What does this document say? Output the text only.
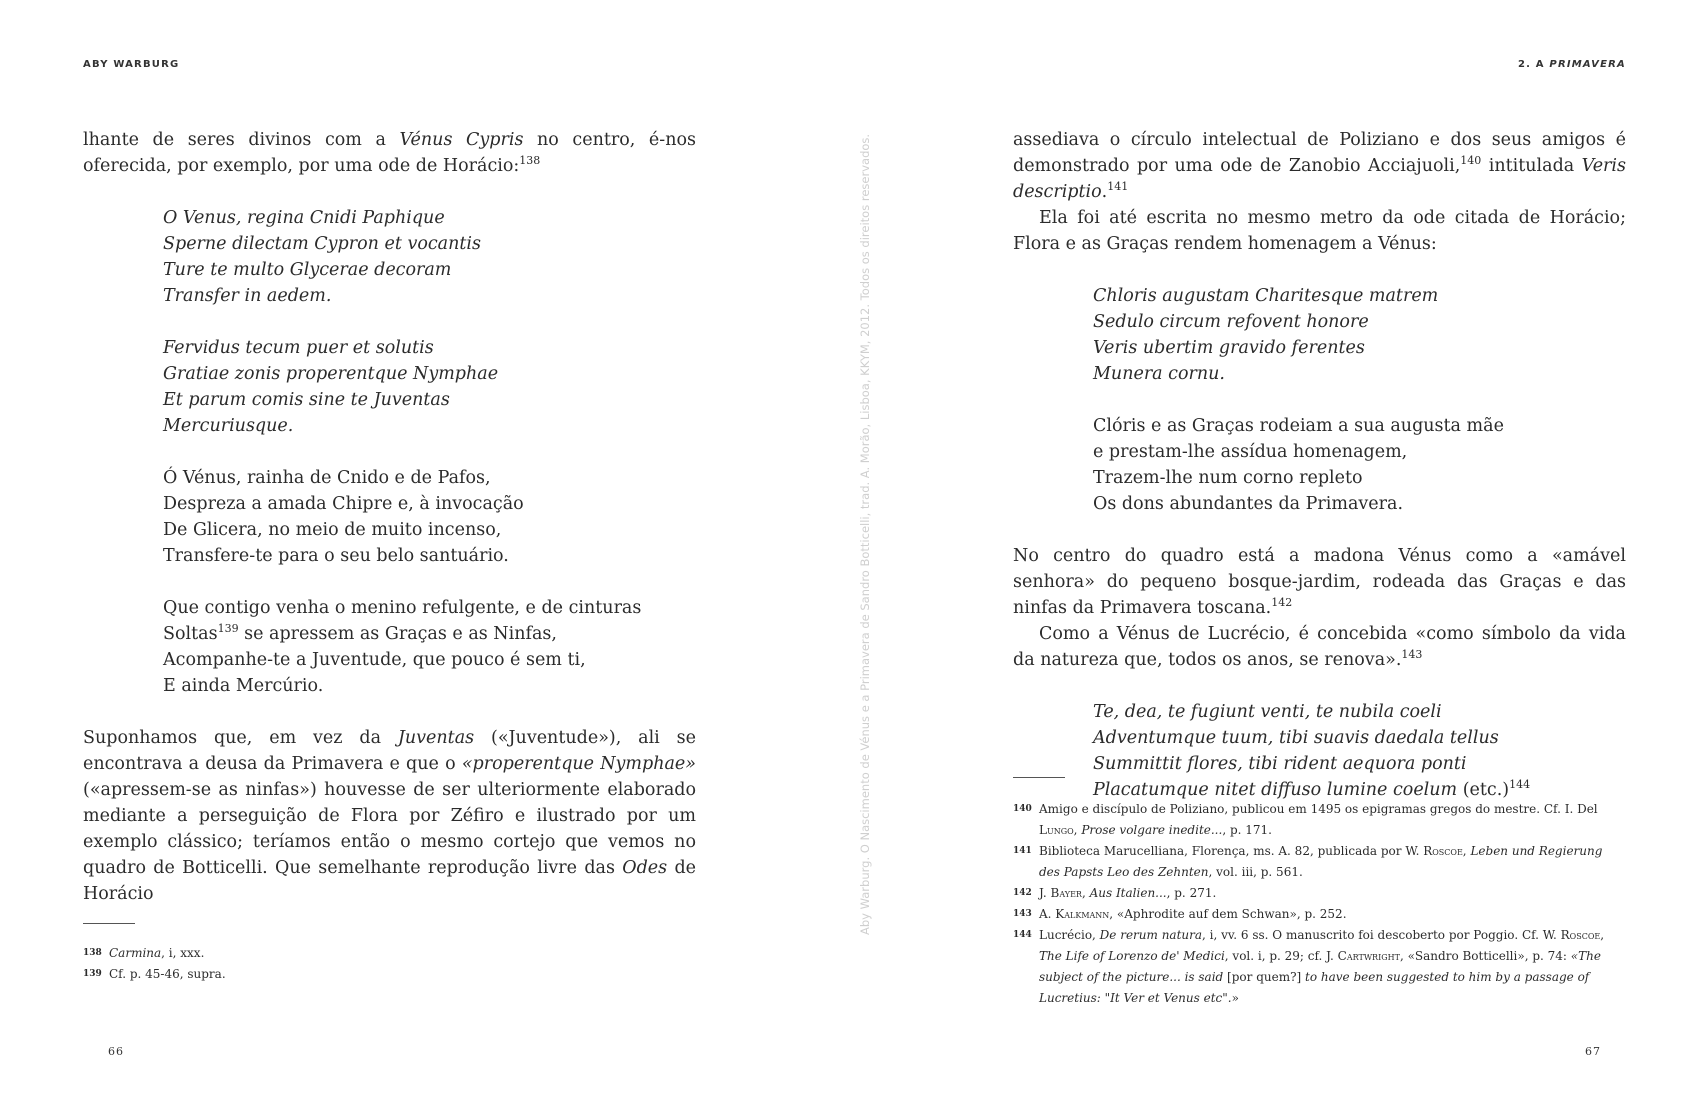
ABY WARBURG

lhante de seres divinos com a Vénus Cypris no centro, é-nos oferecida, por exemplo, por uma ode de Horácio:$^{138}$

O Venus, regina Cnidi Paphique
Sperne dilectam Cypron et vocantis
Ture te multo Glycerae decoram
Transfer in aedem.
Fervidus tecum puer et solutis
Gratiae zonis properentque Nymphae
Et parum comis sine te Juventas
Mercuriusque.
Ó Vénus, rainha de Cnido e de Pafos,
Despreza a amada Chipre e, à invocação
De Glicera, no meio de muito incenso,
Transfere-te para o seu belo santuário.
Que contigo venha o menino refulgente, e de cinturas
Soltas$^{139}$ se apressem as Graças e as Ninfas,
Acompanhe-te a Juventude, que pouco é sem ti,
E ainda Mercúrio.

Suponhamos que, em vez da Juventas («Juventude»), ali se encontrava a deusa da Primavera e que o «properentque Nymphae» («apressem-se as ninfas») houvesse de ser ulteriormente elaborado mediante a perseguição de Flora por Zéfiro e ilustrado por um exemplo clássico; teríamos então o mesmo cortejo que vemos no quadro de Botticelli. Que semelhante reprodução livre das Odes de Horácio

138 Carmina, i, xxx.
139 Cf. p. 45-46, supra.
66
Aby Warburg. O Nascimento de Vénus e a Primavera de Sandro Botticelli, trad. A. Morão, Lisboa, KKYM, 2012. Todos os direitos reservados.
2. A PRIMAVERA

assediava o círculo intelectual de Poliziano e dos seus amigos é demonstrado por uma ode de Zanobio Acciajuoli,$^{140}$ intitulada Veris descriptio.$^{141}$

Ela foi até escrita no mesmo metro da ode citada de Horácio; Flora e as Graças rendem homenagem a Vénus:

Chloris augustam Charitesque matrem
Sedulo circum refovent honore
Veris ubertim gravido ferentes
Munera cornu.
Clóris e as Graças rodeiam a sua augusta mãe
e prestam-lhe assídua homenagem,
Trazem-lhe num corno repleto
Os dons abundantes da Primavera.

No centro do quadro está a madona Vénus como a «amável senhora» do pequeno bosque-jardim, rodeada das Graças e das ninfas da Primavera toscana.$^{142}$

Como a Vénus de Lucrécio, é concebida «como símbolo da vida da natureza que, todos os anos, se renova».$^{143}$

Te, dea, te fugiunt venti, te nubila coeli
Adventumque tuum, tibi suavis daedala tellus
Summittit flores, tibi rident aequora ponti
Placatumque nitet diffuso lumine coelum $(etc.)^{144}$
140 Amigo e discípulo de Poliziano, publicou em 1495 os epigramas gregos do mestre. Cf. I. Del Lungo, Prose volgare inedite..., p. 171.
141 Biblioteca Marucelliana, Florença, ms. A. 82, publicada por W. Roscoe, Leben und Regierung des Papsts Leo des Zehnten, vol. iii, p. 561.
142 J. Bayer, Aus Italien..., p. 271.
143 A. Kalkmann, «Aphrodite auf dem Schwan», p. 252.
144 Lucrécio, De rerum natura, i, vv. 6 ss. O manuscrito foi descoberto por Poggio. Cf. W. Roscoe, The Life of Lorenzo de' Medici, vol. i, p. 29; cf. J. Cartwright, «Sandro Botticelli», p. 74: «The subject of the picture... is said [por quem?] to have been suggested to him by a passage of Lucretius: "It Ver et Venus etc".»
67
